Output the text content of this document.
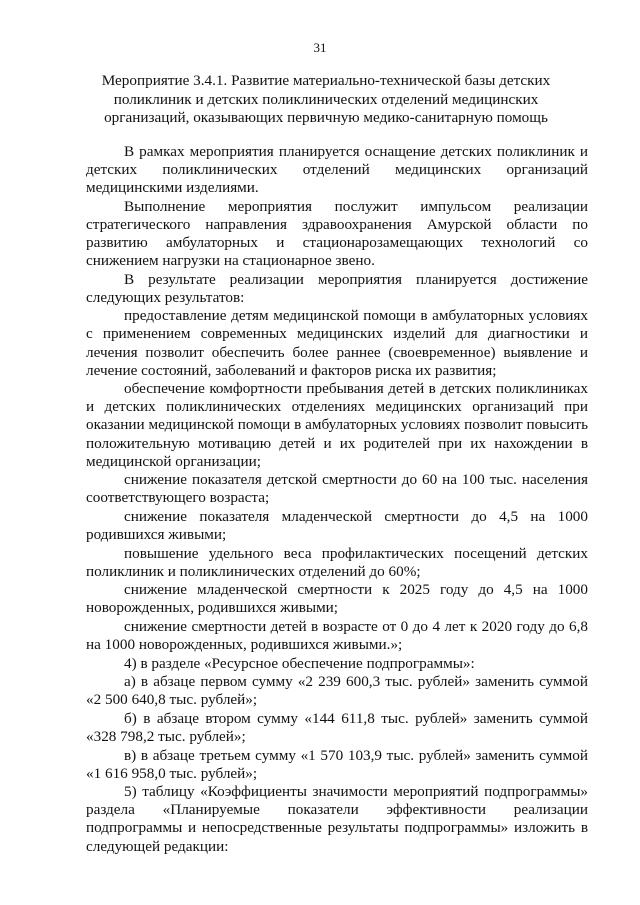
31
Мероприятие 3.4.1. Развитие материально-технической базы детских поликлиник и детских поликлинических отделений медицинских организаций, оказывающих первичную медико-санитарную помощь

В рамках мероприятия планируется оснащение детских поликлиник и детских поликлинических отделений медицинских организаций медицинскими изделиями.

Выполнение мероприятия послужит импульсом реализации стратегического направления здравоохранения Амурской области по развитию амбулаторных и стационарозамещающих технологий со снижением нагрузки на стационарное звено.

В результате реализации мероприятия планируется достижение следующих результатов:

предоставление детям медицинской помощи в амбулаторных условиях с применением современных медицинских изделий для диагностики и лечения позволит обеспечить более раннее (своевременное) выявление и лечение состояний, заболеваний и факторов риска их развития;

обеспечение комфортности пребывания детей в детских поликлиниках и детских поликлинических отделениях медицинских организаций при оказании медицинской помощи в амбулаторных условиях позволит повысить положительную мотивацию детей и их родителей при их нахождении в медицинской организации;

снижение показателя детской смертности до 60 на 100 тыс. населения соответствующего возраста;

снижение показателя младенческой смертности до 4,5 на 1000 родившихся живыми;

повышение удельного веса профилактических посещений детских поликлиник и поликлинических отделений до 60%;

снижение младенческой смертности к 2025 году до 4,5 на 1000 новорожденных, родившихся живыми;

снижение смертности детей в возрасте от 0 до 4 лет к 2020 году до 6,8 на 1000 новорожденных, родившихся живыми.»;

4) в разделе «Ресурсное обеспечение подпрограммы»:

а) в абзаце первом сумму «2 239 600,3 тыс. рублей» заменить суммой «2 500 640,8 тыс. рублей»;

б) в абзаце втором сумму «144 611,8 тыс. рублей» заменить суммой «328 798,2 тыс. рублей»;

в) в абзаце третьем сумму «1 570 103,9 тыс. рублей» заменить суммой «1 616 958,0 тыс. рублей»;

5) таблицу «Коэффициенты значимости мероприятий подпрограммы» раздела «Планируемые показатели эффективности реализации подпрограммы и непосредственные результаты подпрограммы» изложить в следующей редакции:
